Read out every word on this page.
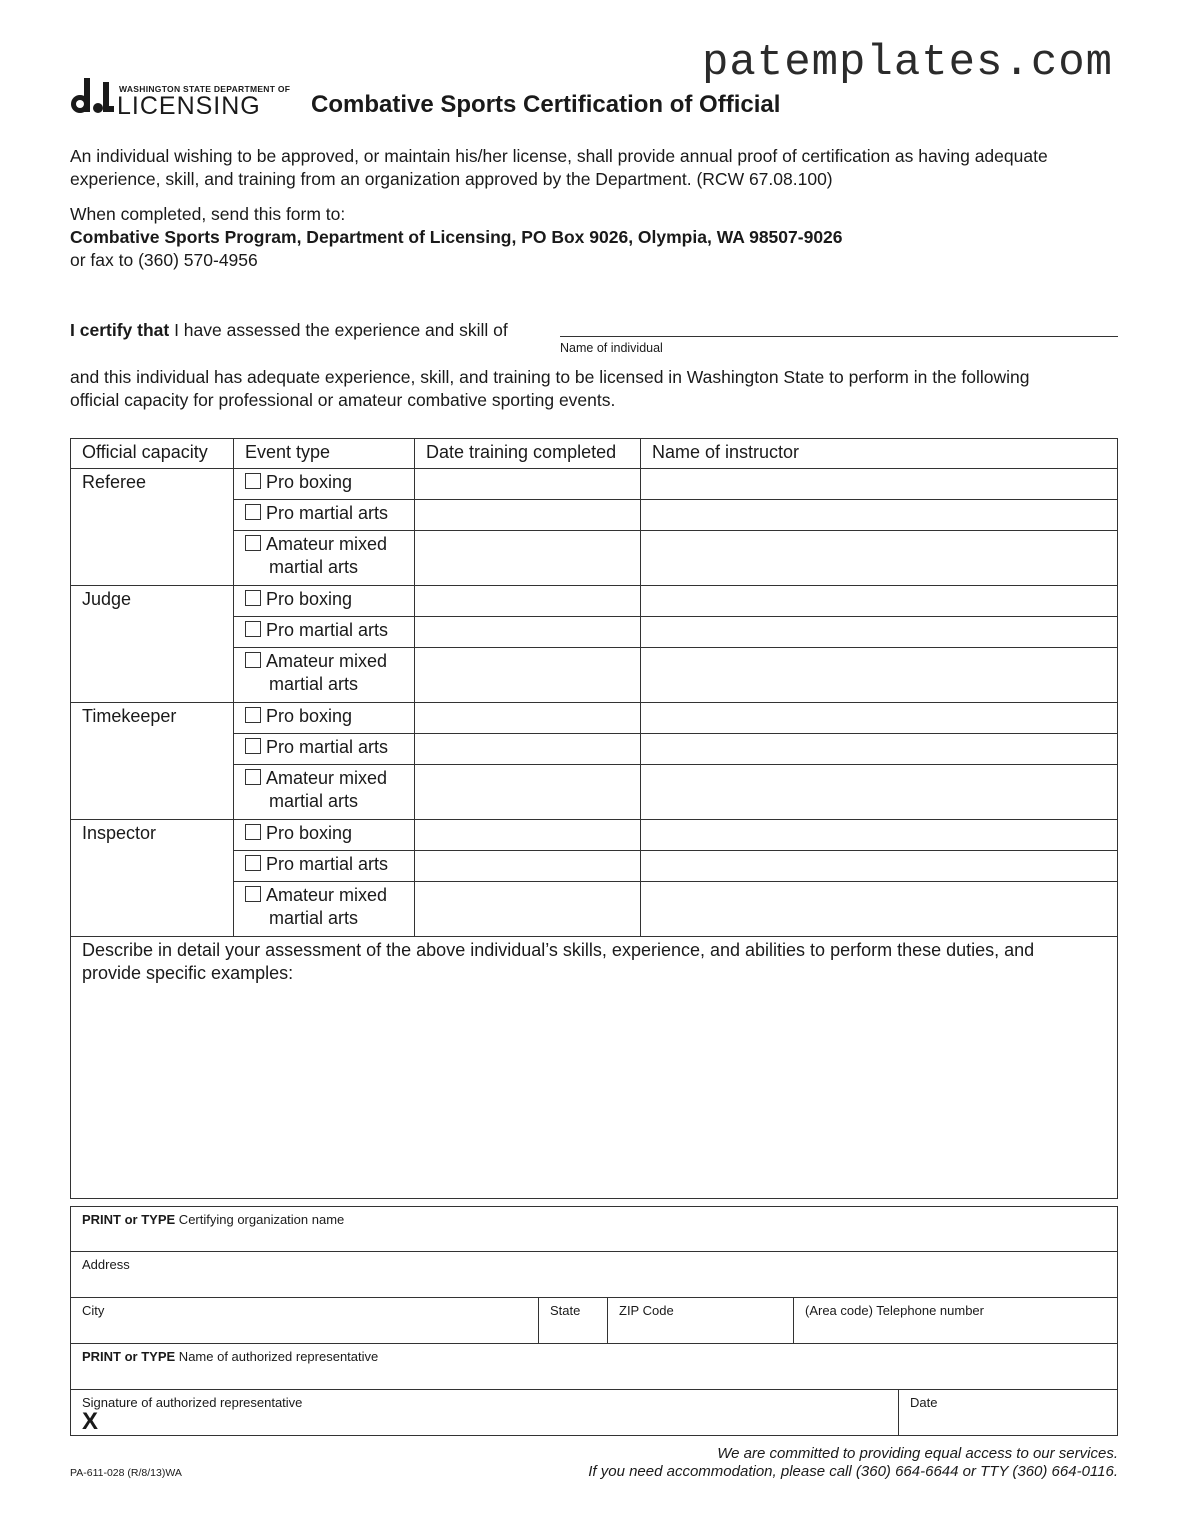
patemplates.com
WASHINGTON STATE DEPARTMENT OF
LICENSING Combative Sports Certification of Official
An individual wishing to be approved, or maintain his/her license, shall provide annual proof of certification as having adequate experience, skill, and training from an organization approved by the Department. (RCW 67.08.100)
When completed, send this form to:
Combative Sports Program, Department of Licensing, PO Box 9026, Olympia, WA 98507-9026
or fax to (360) 570-4956
I certify that I have assessed the experience and skill of
Name of individual
and this individual has adequate experience, skill, and training to be licensed in Washington State to perform in the following official capacity for professional or amateur combative sporting events.
Official capacity	Event type	Date training completed	Name of instructor
Referee	Pro boxing		
	Pro martial arts		
	Amateur mixed
martial arts		
Judge	Pro boxing		
	Pro martial arts		
	Amateur mixed
martial arts		
Timekeeper	Pro boxing		
	Pro martial arts		
	Amateur mixed
martial arts		
Inspector	Pro boxing		
	Pro martial arts		
	Amateur mixed
martial arts		
Describe in detail your assessment of the above individual’s skills, experience, and abilities to perform these duties, and provide specific examples:			
PRINT or TYPE Certifying organization name
Address
City	State	ZIP Code	(Area code) Telephone number
PRINT or TYPE Name of authorized representative
Signature of authorized representative
X
Date
PA-611-028 (R/8/13)WA
We are committed to providing equal access to our services.
If you need accommodation, please call (360) 664-6644 or TTY (360) 664-0116.
